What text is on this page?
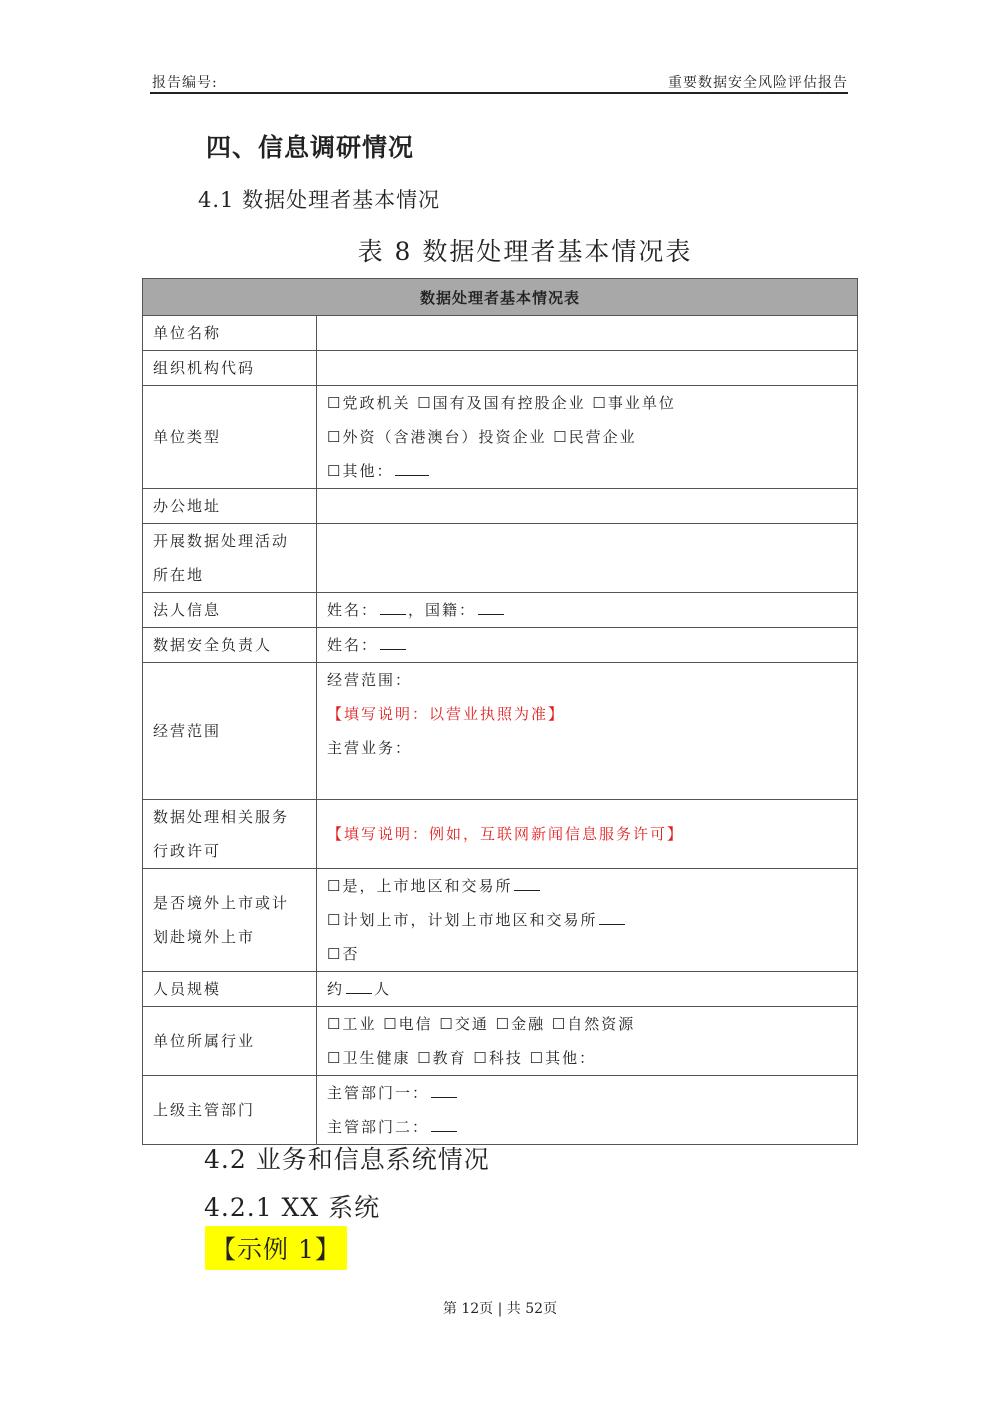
报告编号:	重要数据安全风险评估报告
四、信息调研情况
4.1 数据处理者基本情况
表 8 数据处理者基本情况表
数据处理者基本情况表	
单位名称	
组织机构代码	
单位类型	☐党政机关 ☐国有及国有控股企业 ☐事业单位
☐外资（含港澳台）投资企业 ☐民营企业
☐其他：

办公地址	

开展数据处理活动
所在地	

法人信息	姓名： ，国籍：
数据安全负责人	姓名：
经营范围	经营范围：
【填写说明：以营业执照为准】
主营业务：

数据处理相关服务
行政许可	【填写说明：例如，互联网新闻信息服务许可】

是否境外上市或计
划赴境外上市	☐是，上市地区和交易所
☐计划上市，计划上市地区和交易所
☐否

人员规模	约 人
单位所属行业	☐工业 ☐电信 ☐交通 ☐金融 ☐自然资源
☐卫生健康 ☐教育 ☐科技 ☐其他：

上级主管部门	主管部门一：
主管部门二：
4.2 业务和信息系统情况
4.2.1 XX 系统
【示例 1】
第 12页 | 共 52页
